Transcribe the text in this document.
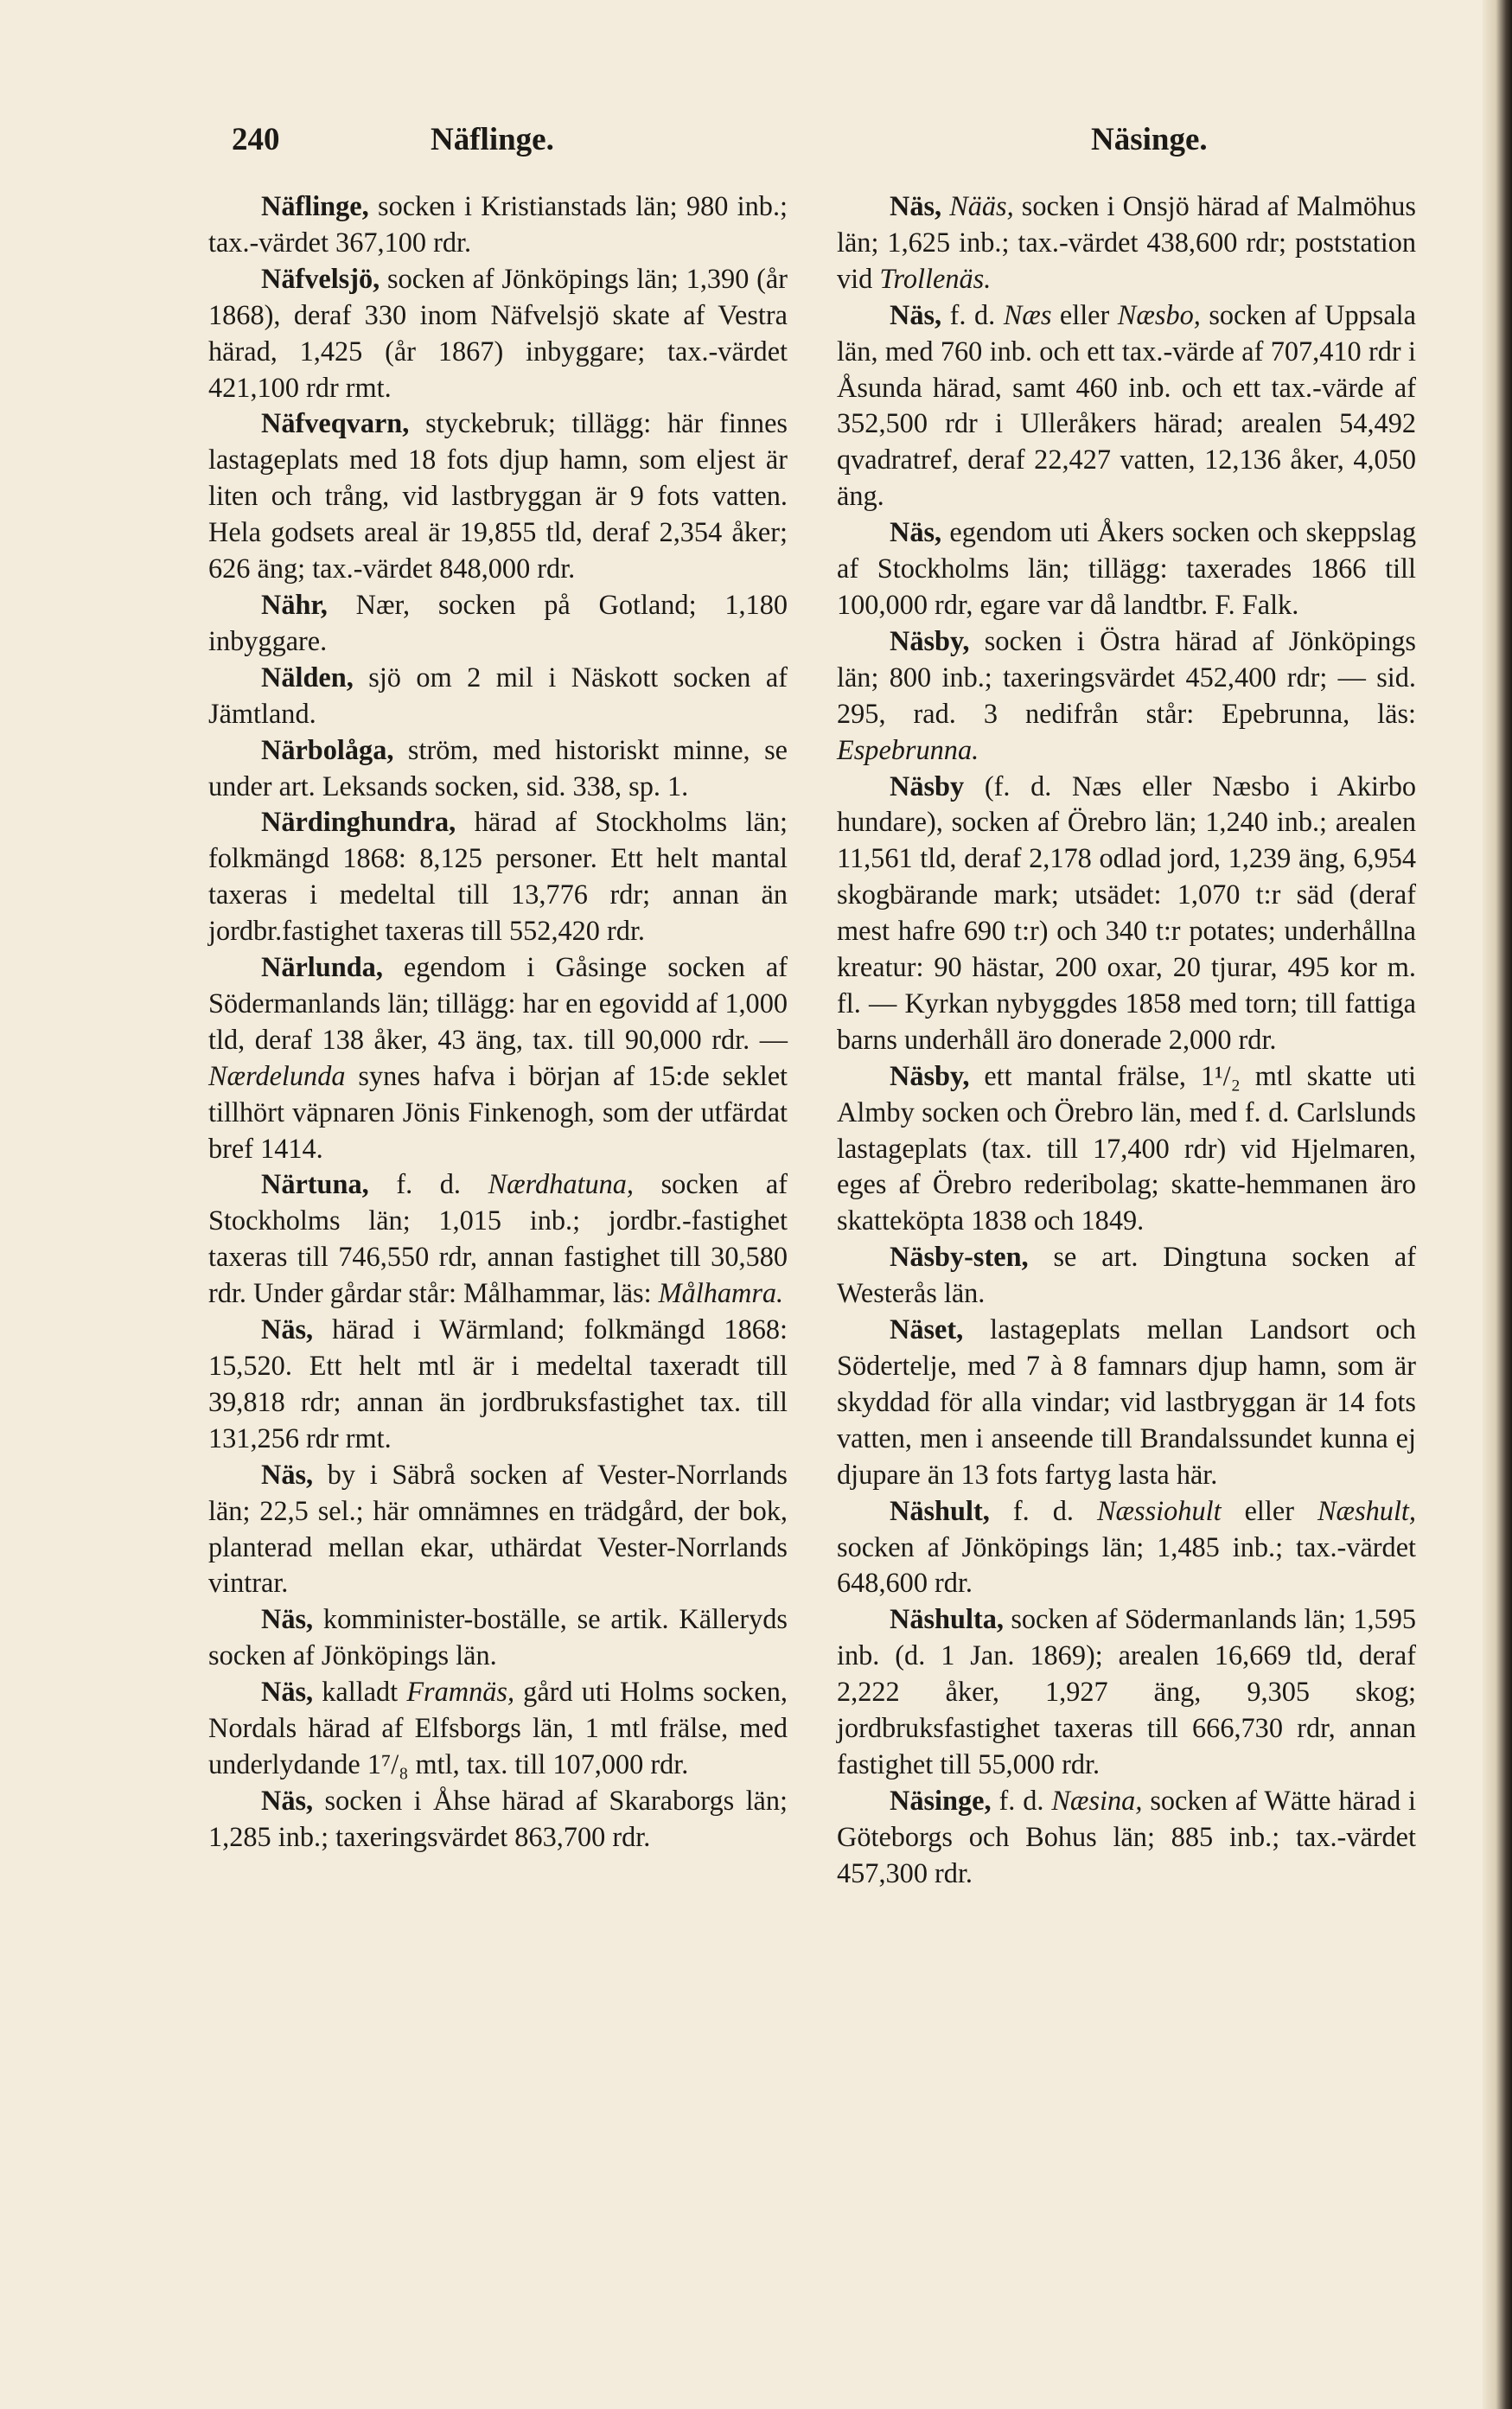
240	Näflinge.	Näsinge.

Näflinge, socken i Kristianstads län; 980 inb.; tax.-värdet 367,100 rdr.

Näfvelsjö, socken af Jönköpings län; 1,390 (år 1868), deraf 330 inom Näfvelsjö skate af Vestra härad, 1,425 (år 1867) inbyggare; tax.-värdet 421,100 rdr rmt.

Näfveqvarn, styckebruk; tillägg: här finnes lastageplats med 18 fots djup hamn, som eljest är liten och trång, vid lastbryggan är 9 fots vatten. Hela godsets areal är 19,855 tld, deraf 2,354 åker; 626 äng; tax.-värdet 848,000 rdr.

Nähr, Nær, socken på Gotland; 1,180 inbyggare.

Nälden, sjö om 2 mil i Näskott socken af Jämtland.

Närbolåga, ström, med historiskt minne, se under art. Leksands socken, sid. 338, sp. 1.

Närdinghundra, härad af Stockholms län; folkmängd 1868: 8,125 personer. Ett helt mantal taxeras i medeltal till 13,776 rdr; annan än jordbr.fastighet taxeras till 552,420 rdr.

Närlunda, egendom i Gåsinge socken af Södermanlands län; tillägg: har en egovidd af 1,000 tld, deraf 138 åker, 43 äng, tax. till 90,000 rdr. — Nærdelunda synes hafva i början af 15:de seklet tillhört väpnaren Jönis Finkenogh, som der utfärdat bref 1414.

Närtuna, f. d. Nærdhatuna, socken af Stockholms län; 1,015 inb.; jordbr.-fastighet taxeras till 746,550 rdr, annan fastighet till 30,580 rdr. Under gårdar står: Målhammar, läs: Målhamra.

Näs, härad i Wärmland; folkmängd 1868: 15,520. Ett helt mtl är i medeltal taxeradt till 39,818 rdr; annan än jordbruksfastighet tax. till 131,256 rdr rmt.

Näs, by i Säbrå socken af Vester-Norrlands län; 22,5 sel.; här omnämnes en trädgård, der bok, planterad mellan ekar, uthärdat Vester-Norrlands vintrar.

Näs, komminister-boställe, se artik. Källeryds socken af Jönköpings län.

Näs, kalladt Framnäs, gård uti Holms socken, Nordals härad af Elfsborgs län, 1 mtl frälse, med underlydande 1⁷/₈ mtl, tax. till 107,000 rdr.

Näs, socken i Åhse härad af Skaraborgs län; 1,285 inb.; taxeringsvärdet 863,700 rdr.

Näs, Nääs, socken i Onsjö härad af Malmöhus län; 1,625 inb.; tax.-värdet 438,600 rdr; poststation vid Trollenäs.

Näs, f. d. Næs eller Næsbo, socken af Uppsala län, med 760 inb. och ett tax.-värde af 707,410 rdr i Åsunda härad, samt 460 inb. och ett tax.-värde af 352,500 rdr i Ulleråkers härad; arealen 54,492 qvadratref, deraf 22,427 vatten, 12,136 åker, 4,050 äng.

Näs, egendom uti Åkers socken och skeppslag af Stockholms län; tillägg: taxerades 1866 till 100,000 rdr, egare var då landtbr. F. Falk.

Näsby, socken i Östra härad af Jönköpings län; 800 inb.; taxeringsvärdet 452,400 rdr; — sid. 295, rad. 3 nedifrån står: Epebrunna, läs: Espebrunna.

Näsby (f. d. Næs eller Næsbo i Akirbo hundare), socken af Örebro län; 1,240 inb.; arealen 11,561 tld, deraf 2,178 odlad jord, 1,239 äng, 6,954 skogbärande mark; utsädet: 1,070 t:r säd (deraf mest hafre 690 t:r) och 340 t:r potates; underhållna kreatur: 90 hästar, 200 oxar, 20 tjurar, 495 kor m. fl. — Kyrkan nybyggdes 1858 med torn; till fattiga barns underhåll äro donerade 2,000 rdr.

Näsby, ett mantal frälse, 1¹/₂ mtl skatte uti Almby socken och Örebro län, med f. d. Carlslunds lastageplats (tax. till 17,400 rdr) vid Hjelmaren, eges af Örebro rederibolag; skatte-hemmanen äro skatteköpta 1838 och 1849.

Näsby-sten, se art. Dingtuna socken af Westerås län.

Näset, lastageplats mellan Landsort och Södertelje, med 7 à 8 famnars djup hamn, som är skyddad för alla vindar; vid lastbryggan är 14 fots vatten, men i anseende till Brandalssundet kunna ej djupare än 13 fots fartyg lasta här.

Näshult, f. d. Næssiohult eller Næshult, socken af Jönköpings län; 1,485 inb.; tax.-värdet 648,600 rdr.

Näshulta, socken af Södermanlands län; 1,595 inb. (d. 1 Jan. 1869); arealen 16,669 tld, deraf 2,222 åker, 1,927 äng, 9,305 skog; jordbruksfastighet taxeras till 666,730 rdr, annan fastighet till 55,000 rdr.

Näsinge, f. d. Næsina, socken af Wätte härad i Göteborgs och Bohus län; 885 inb.; tax.-värdet 457,300 rdr.
